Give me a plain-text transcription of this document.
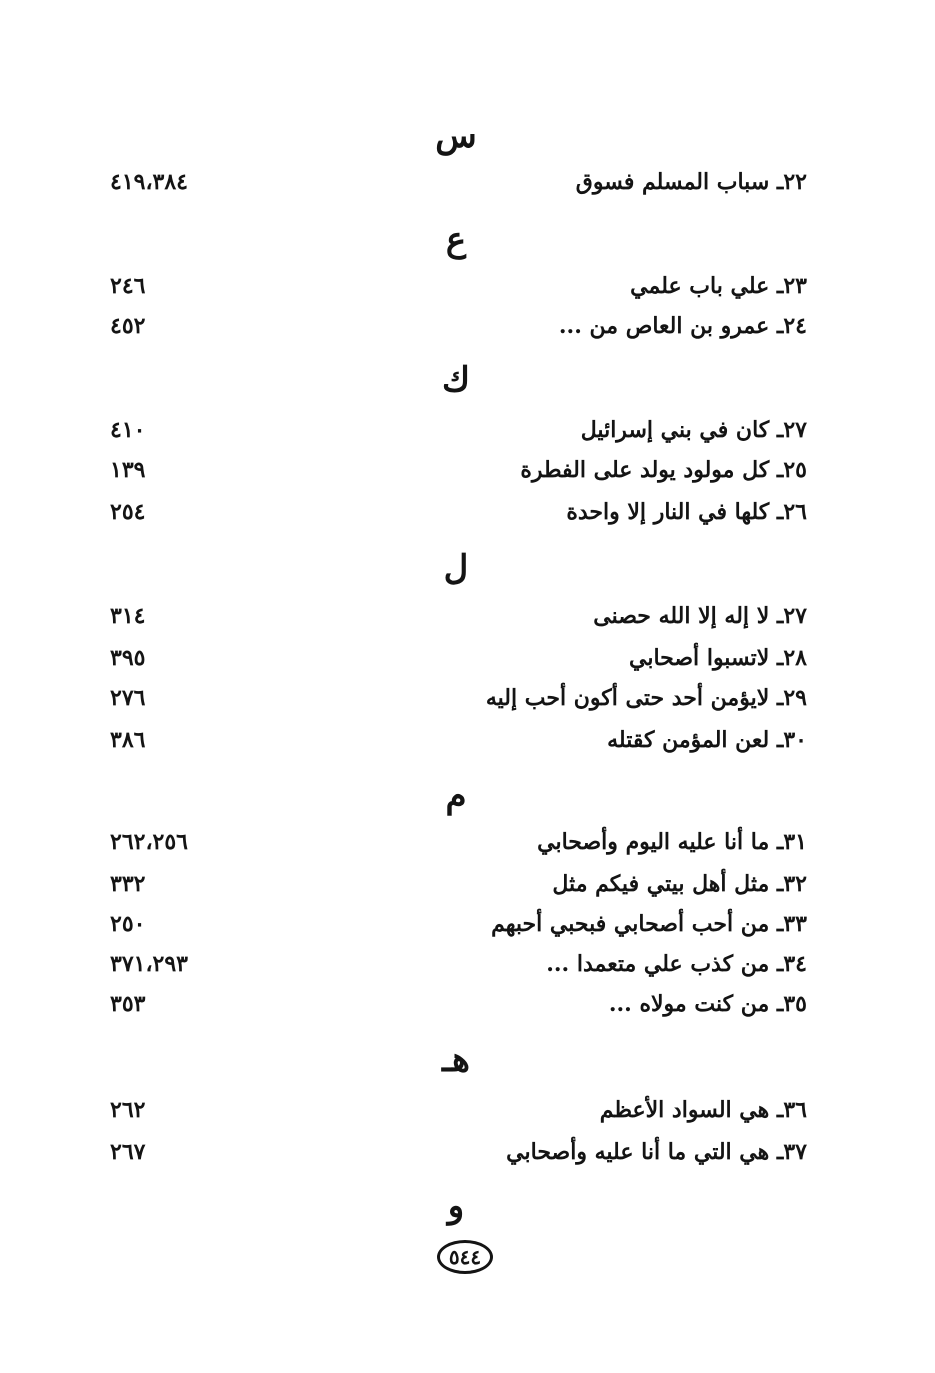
س
٢٢ـ سباب المسلم فسوق
٤١٩،٣٨٤
ع
٢٣ـ علي باب علمي
٢٤٦
٢٤ـ عمرو بن العاص من ...
٤٥٢
ك
٢٧ـ كان في بني إسرائيل
٤١٠
٢٥ـ كل مولود يولد على الفطرة
١٣٩
٢٦ـ كلها في النار إلا واحدة
٢٥٤
ل
٢٧ـ لا إله إلا الله حصنى
٣١٤
٢٨ـ لاتسبوا أصحابي
٣٩٥
٢٩ـ لايؤمن أحد حتى أكون أحب إليه
٢٧٦
٣٠ـ لعن المؤمن كقتله
٣٨٦
م
٣١ـ ما أنا عليه اليوم وأصحابي
٢٦٢،٢٥٦
٣٢ـ مثل أهل بيتي فيكم مثل
٣٣٢
٣٣ـ من أحب أصحابي فبحبي أحبهم
٢٥٠
٣٤ـ من كذب علي متعمدا ...
٣٧١،٢٩٣
٣٥ـ من كنت مولاه ...
٣٥٣
هـ
٣٦ـ هي السواد الأعظم
٢٦٢
٣٧ـ هي التي ما أنا عليه وأصحابي
٢٦٧
و
٥٤٤
